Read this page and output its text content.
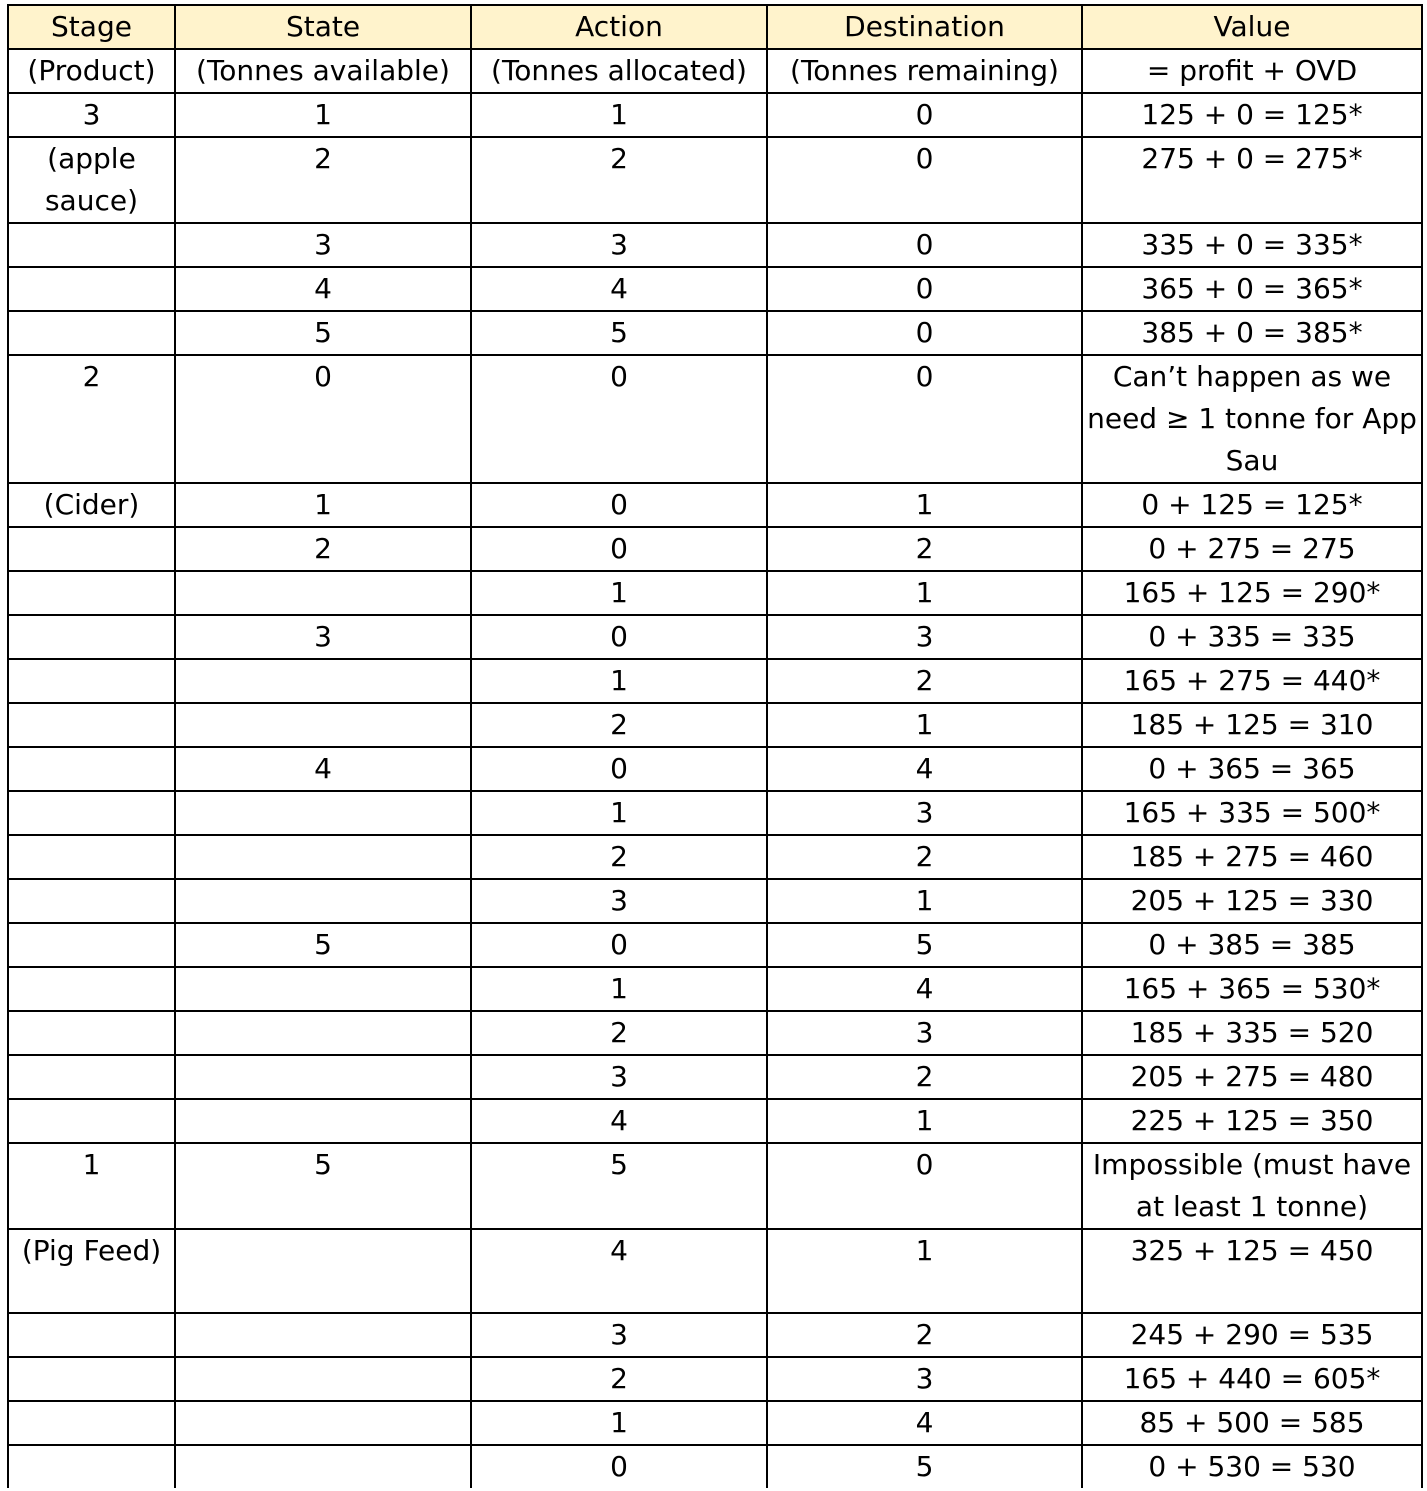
Stage	State	Action	Destination	Value
(Product)	(Tonnes available)	(Tonnes allocated)	(Tonnes remaining)	= profit + OVD
3	1	1	0	125 + 0 = 125*
(apple sauce)	2	2	0	275 + 0 = 275*
	3	3	0	335 + 0 = 335*
	4	4	0	365 + 0 = 365*
	5	5	0	385 + 0 = 385*
2	0	0	0	Can’t happen as we need ≥ 1 tonne for App Sau
(Cider)	1	0	1	0 + 125 = 125*
	2	0	2	0 + 275 = 275
		1	1	165 + 125 = 290*
	3	0	3	0 + 335 = 335
		1	2	165 + 275 = 440*
		2	1	185 + 125 = 310
	4	0	4	0 + 365 = 365
		1	3	165 + 335 = 500*
		2	2	185 + 275 = 460
		3	1	205 + 125 = 330
	5	0	5	0 + 385 = 385
		1	4	165 + 365 = 530*
		2	3	185 + 335 = 520
		3	2	205 + 275 = 480
		4	1	225 + 125 = 350
1	5	5	0	Impossible (must have at least 1 tonne)
(Pig Feed)		4	1	325 + 125 = 450
		3	2	245 + 290 = 535
		2	3	165 + 440 = 605*
		1	4	85 + 500 = 585
		0	5	0 + 530 = 530
